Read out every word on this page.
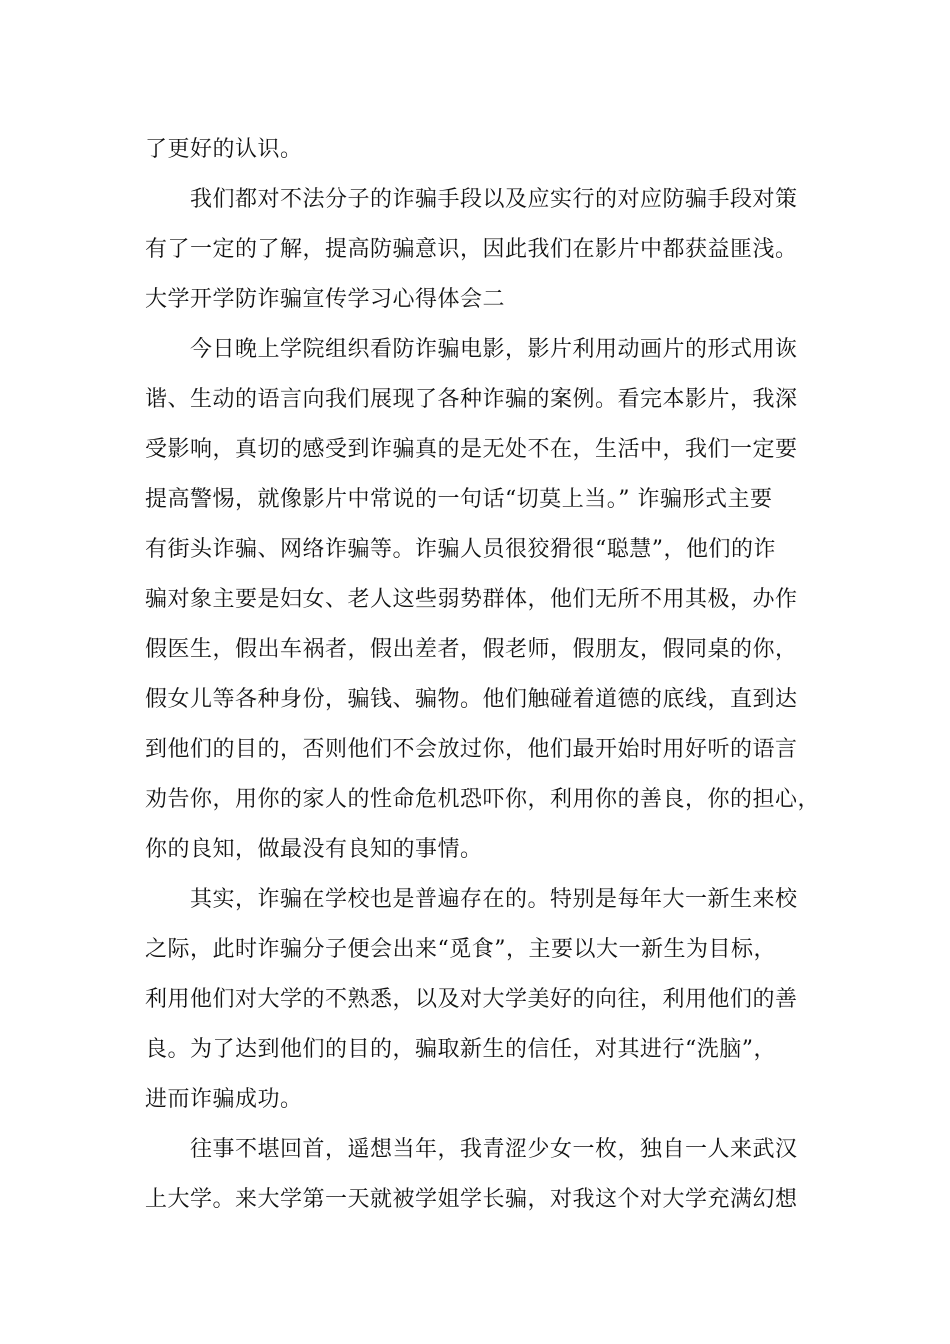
了更好的认识。

我们都对不法分子的诈骗手段以及应实行的对应防骗手段对策
有了一定的了解，提高防骗意识，因此我们在影片中都获益匪浅。

大学开学防诈骗宣传学习心得体会二

今日晚上学院组织看防诈骗电影，影片利用动画片的形式用诙
谐、生动的语言向我们展现了各种诈骗的案例。看完本影片，我深
受影响，真切的感受到诈骗真的是无处不在，生活中，我们一定要
提高警惕，就像影片中常说的一句话“切莫上当。” 诈骗形式主要
有街头诈骗、网络诈骗等。诈骗人员很狡猾很“聪慧”，他们的诈
骗对象主要是妇女、老人这些弱势群体，他们无所不用其极，办作
假医生，假出车祸者，假出差者，假老师，假朋友，假同桌的你，
假女儿等各种身份，骗钱、骗物。他们触碰着道德的底线，直到达
到他们的目的，否则他们不会放过你，他们最开始时用好听的语言
劝告你，用你的家人的性命危机恐吓你，利用你的善良，你的担心，
你的良知，做最没有良知的事情。

其实，诈骗在学校也是普遍存在的。特别是每年大一新生来校
之际，此时诈骗分子便会出来“觅食”，主要以大一新生为目标，
利用他们对大学的不熟悉，以及对大学美好的向往，利用他们的善
良。为了达到他们的目的，骗取新生的信任，对其进行“洗脑”，
进而诈骗成功。

往事不堪回首，遥想当年，我青涩少女一枚，独自一人来武汉
上大学。来大学第一天就被学姐学长骗，对我这个对大学充满幻想
